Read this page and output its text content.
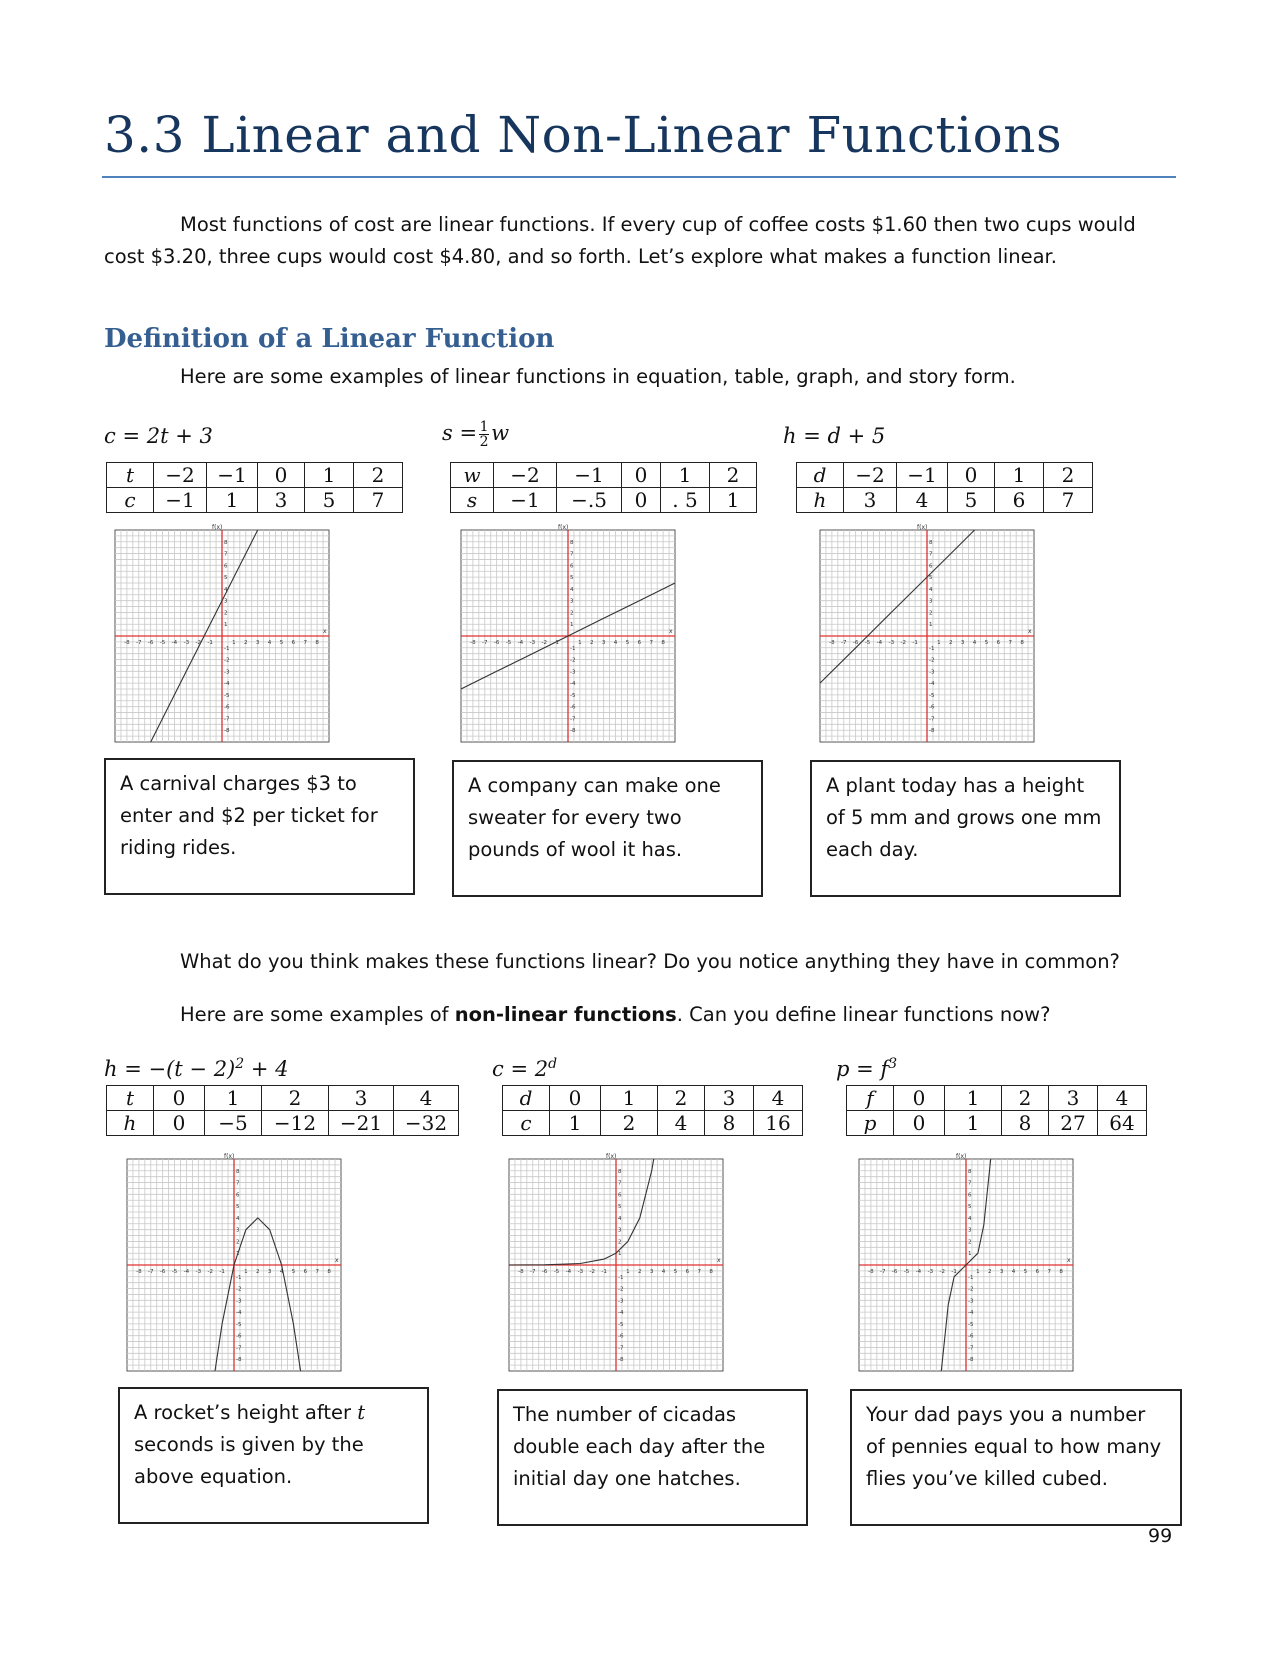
3.3 Linear and Non-Linear Functions
Most functions of cost are linear functions. If every cup of coffee costs $1.60 then two cups would cost $3.20, three cups would cost $4.80, and so forth. Let’s explore what makes a function linear.
Definition of a Linear Function
Here are some examples of linear functions in equation, table, graph, and story form.
c = 2t + 3	$s = \frac{1}{2}$ w	h = d + 5
t	−2	−1	0	1	2
c	−1	1	3	5	7
w	−2	−1	0	1	2
s	−1	−.5	0	. 5	1
d	−2	−1	0	1	2
h	3	4	5	6	7
-8 -7 -6 -5 -4 -3 -2 -1	1 2 3 4 5 6 7 8
-8
-7
-6
-5
-4
-3
-2
-1
1
2
3
4
5
6
7
8
f(x)
x
-8 -7 -6 -5 -4 -3 -2 -1	1 2 3 4 5 6 7 8
-8
-7
-6
-5
-4
-3
-2
-1
1
2
3
4
5
6
7
8
f(x)
x
-8 -7 -6 -5 -4 -3 -2 -1	1 2 3 4 5 6 7 8
-8
-7
-6
-5
-4
-3
-2
-1
1
2
3
4
5
6
7
8
f(x)
x
A carnival charges $3 to enter and $2 per ticket for riding rides.
A company can make one sweater for every two pounds of wool it has.
A plant today has a height of 5 mm and grows one mm each day.
What do you think makes these functions linear? Do you notice anything they have in common?
Here are some examples of non-linear functions. Can you define linear functions now?
$h = -(t - 2)^2 + 4$	$c = 2^d$	$p = f^3$
t	0	1	2	3	4
h	0	−5	−12	−21	−32
d	0	1	2	3	4
c	1	2	4	8	16
f	0	1	2	3	4
p	0	1	8	27	64
-8 -7 -6 -5 -4 -3 -2 -1	1 2 3 4 5 6 7 8
-8
-7
-6
-5
-4
-3
-2
-1
1
2
3
4
5
6
7
8
f(x)
x
-8 -7 -6 -5 -4 -3 -2 -1	1 2 3 4 5 6 7 8
-8
-7
-6
-5
-4
-3
-2
-1
1
2
3
4
5
6
7
8
f(x)
x
-8 -7 -6 -5 -4 -3 -2 -1	1 2 3 4 5 6 7 8
-8
-7
-6
-5
-4
-3
-2
-1
1
2
3
4
5
6
7
8
f(x)
x
A rocket’s height after t seconds is given by the above equation.
The number of cicadas double each day after the initial day one hatches.
Your dad pays you a number of pennies equal to how many flies you’ve killed cubed.
99
